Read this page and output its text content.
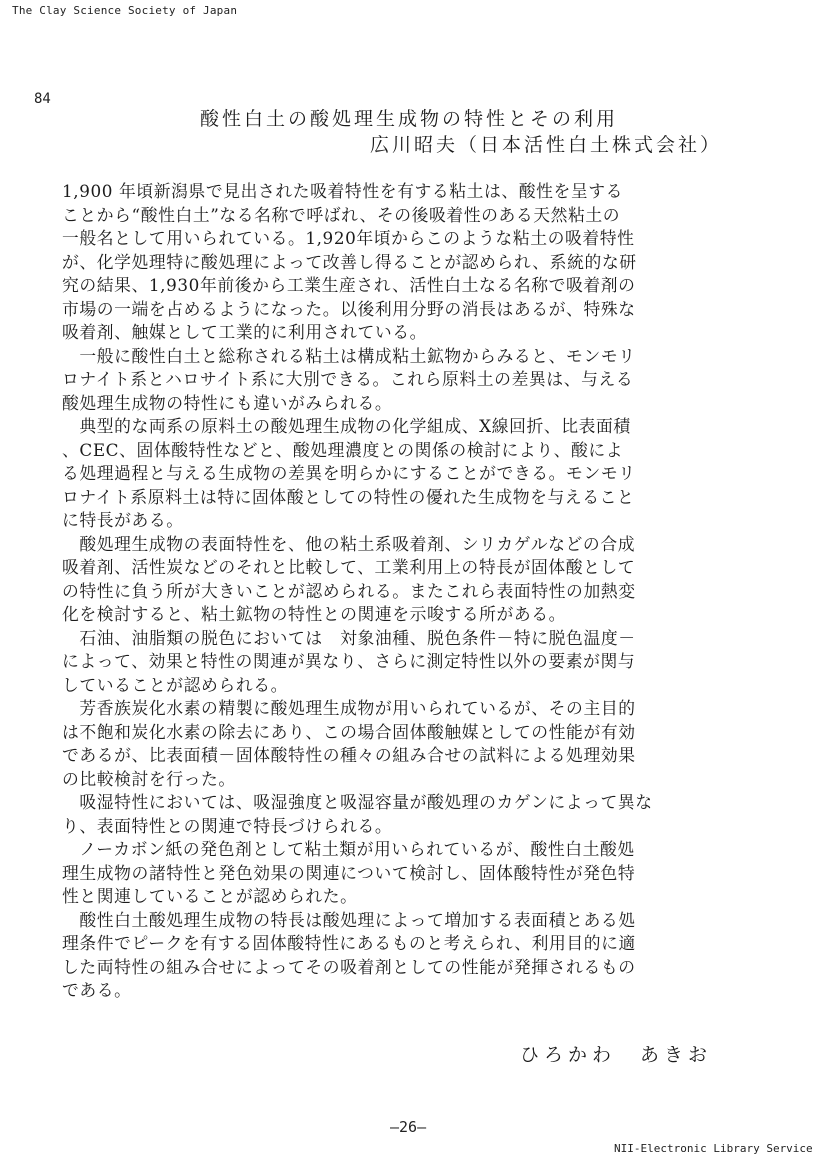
The Clay Science Society of Japan
84
酸性白土の酸処理生成物の特性とその利用
広川昭夫（日本活性白土株式会社）
1,900 年頃新潟県で見出された吸着特性を有する粘土は、酸性を呈する
ことから“酸性白土”なる名称で呼ばれ、その後吸着性のある天然粘土の
一般名として用いられている。1,920年頃からこのような粘土の吸着特性
が、化学処理特に酸処理によって改善し得ることが認められ、系統的な研
究の結果、1,930年前後から工業生産され、活性白土なる名称で吸着剤の
市場の一端を占めるようになった。以後利用分野の消長はあるが、特殊な
吸着剤、触媒として工業的に利用されている。
　一般に酸性白土と総称される粘土は構成粘土鉱物からみると、モンモリ
ロナイト系とハロサイト系に大別できる。これら原料土の差異は、与える
酸処理生成物の特性にも違いがみられる。
　典型的な両系の原料土の酸処理生成物の化学組成、X線回折、比表面積
、CEC、固体酸特性などと、酸処理濃度との関係の検討により、酸によ
る処理過程と与える生成物の差異を明らかにすることができる。モンモリ
ロナイト系原料土は特に固体酸としての特性の優れた生成物を与えること
に特長がある。
　酸処理生成物の表面特性を、他の粘土系吸着剤、シリカゲルなどの合成
吸着剤、活性炭などのそれと比較して、工業利用上の特長が固体酸として
の特性に負う所が大きいことが認められる。またこれら表面特性の加熱変
化を検討すると、粘土鉱物の特性との関連を示唆する所がある。
　石油、油脂類の脱色においては　対象油種、脱色条件－特に脱色温度－
によって、効果と特性の関連が異なり、さらに測定特性以外の要素が関与
していることが認められる。
　芳香族炭化水素の精製に酸処理生成物が用いられているが、その主目的
は不飽和炭化水素の除去にあり、この場合固体酸触媒としての性能が有効
であるが、比表面積－固体酸特性の種々の組み合せの試料による処理効果
の比較検討を行った。
　吸湿特性においては、吸湿強度と吸湿容量が酸処理のカゲンによって異な
り、表面特性との関連で特長づけられる。
　ノーカボン紙の発色剤として粘土類が用いられているが、酸性白土酸処
理生成物の諸特性と発色効果の関連について検討し、固体酸特性が発色特
性と関連していることが認められた。
　酸性白土酸処理生成物の特長は酸処理によって増加する表面積とある処
理条件でピークを有する固体酸特性にあるものと考えられ、利用目的に適
した両特性の組み合せによってその吸着剤としての性能が発揮されるもの
である。
ひろかわ　あきお
—26—
NII-Electronic Library Service
